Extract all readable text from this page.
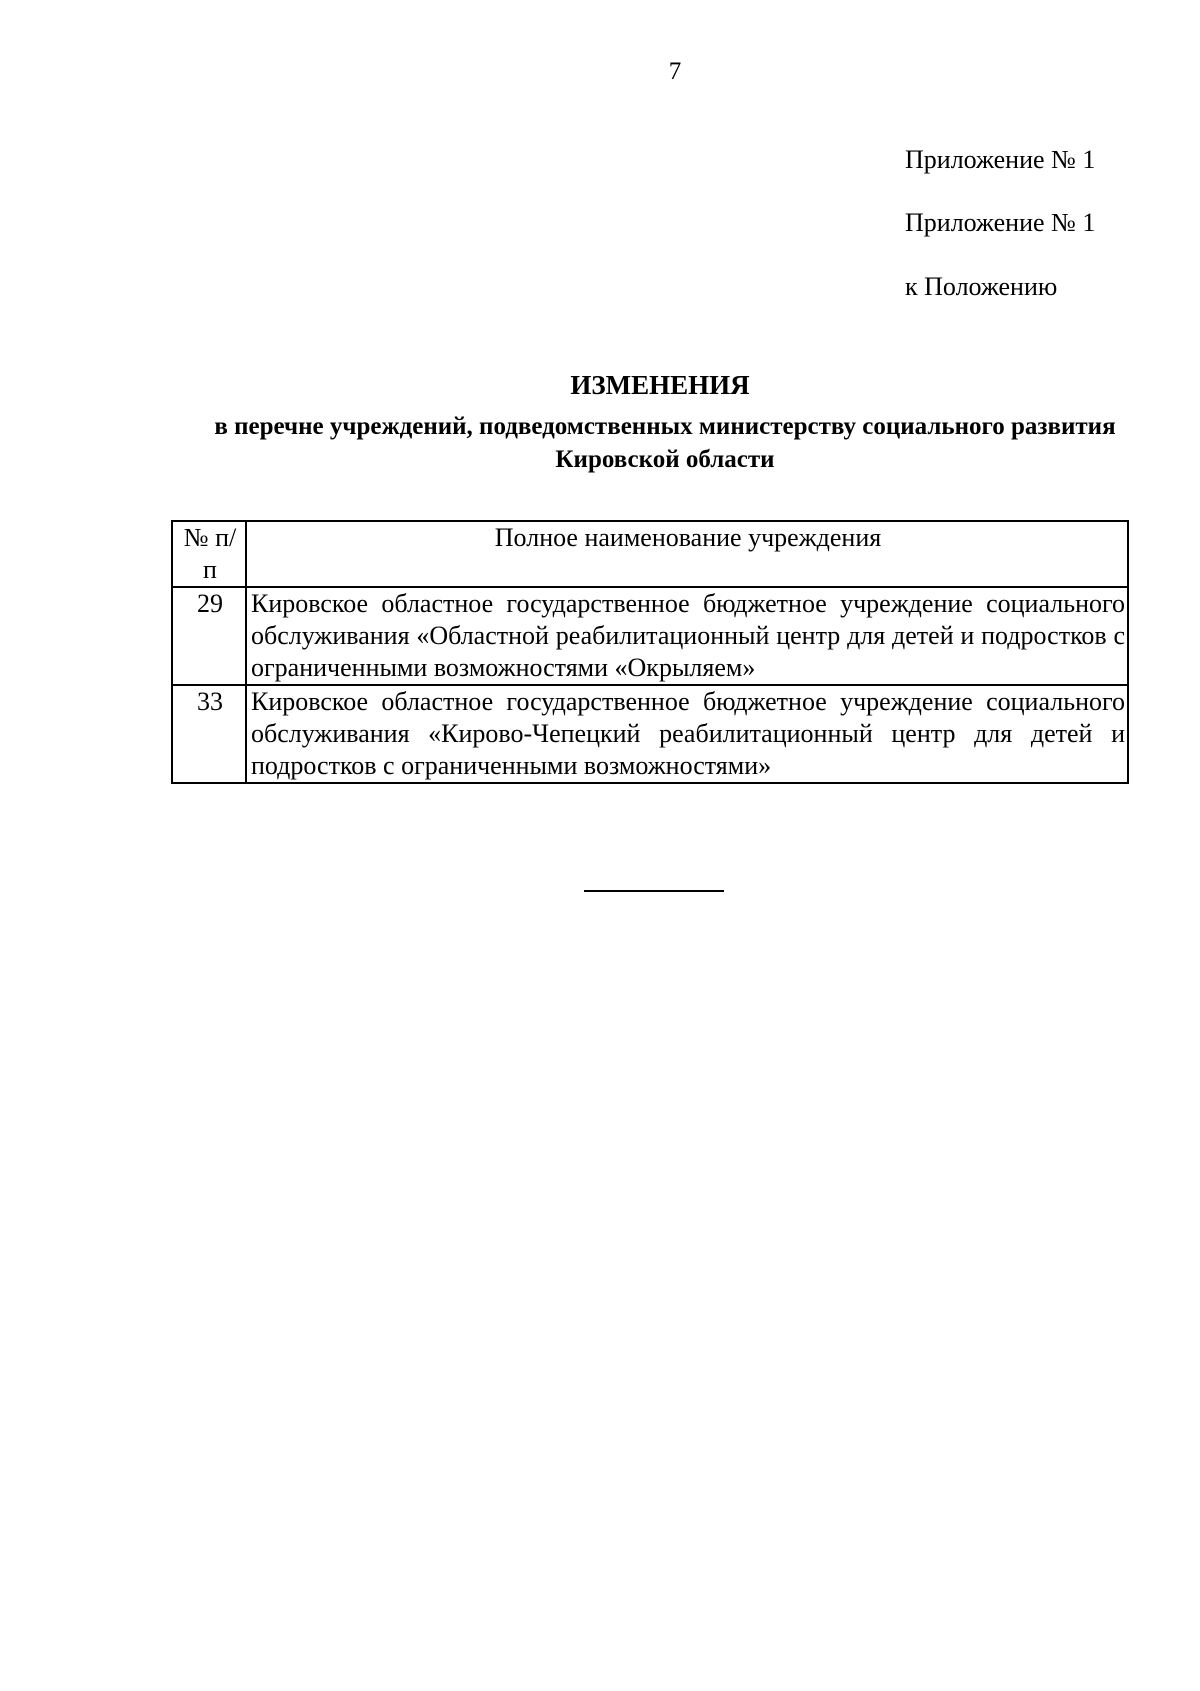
7
Приложение № 1
Приложение № 1
к Положению
ИЗМЕНЕНИЯ
в перечне учреждений, подведомственных министерству социального развития Кировской области
№ п/п	Полное наименование учреждения
29	Кировское областное государственное бюджетное учреждение социального обслуживания «Областной реабилитационный центр для детей и подростков с ограниченными возможностями «Окрыляем»
33	Кировское областное государственное бюджетное учреждение социального обслуживания «Кирово-Чепецкий реабилитационный центр для детей и подростков с ограниченными возможностями»
